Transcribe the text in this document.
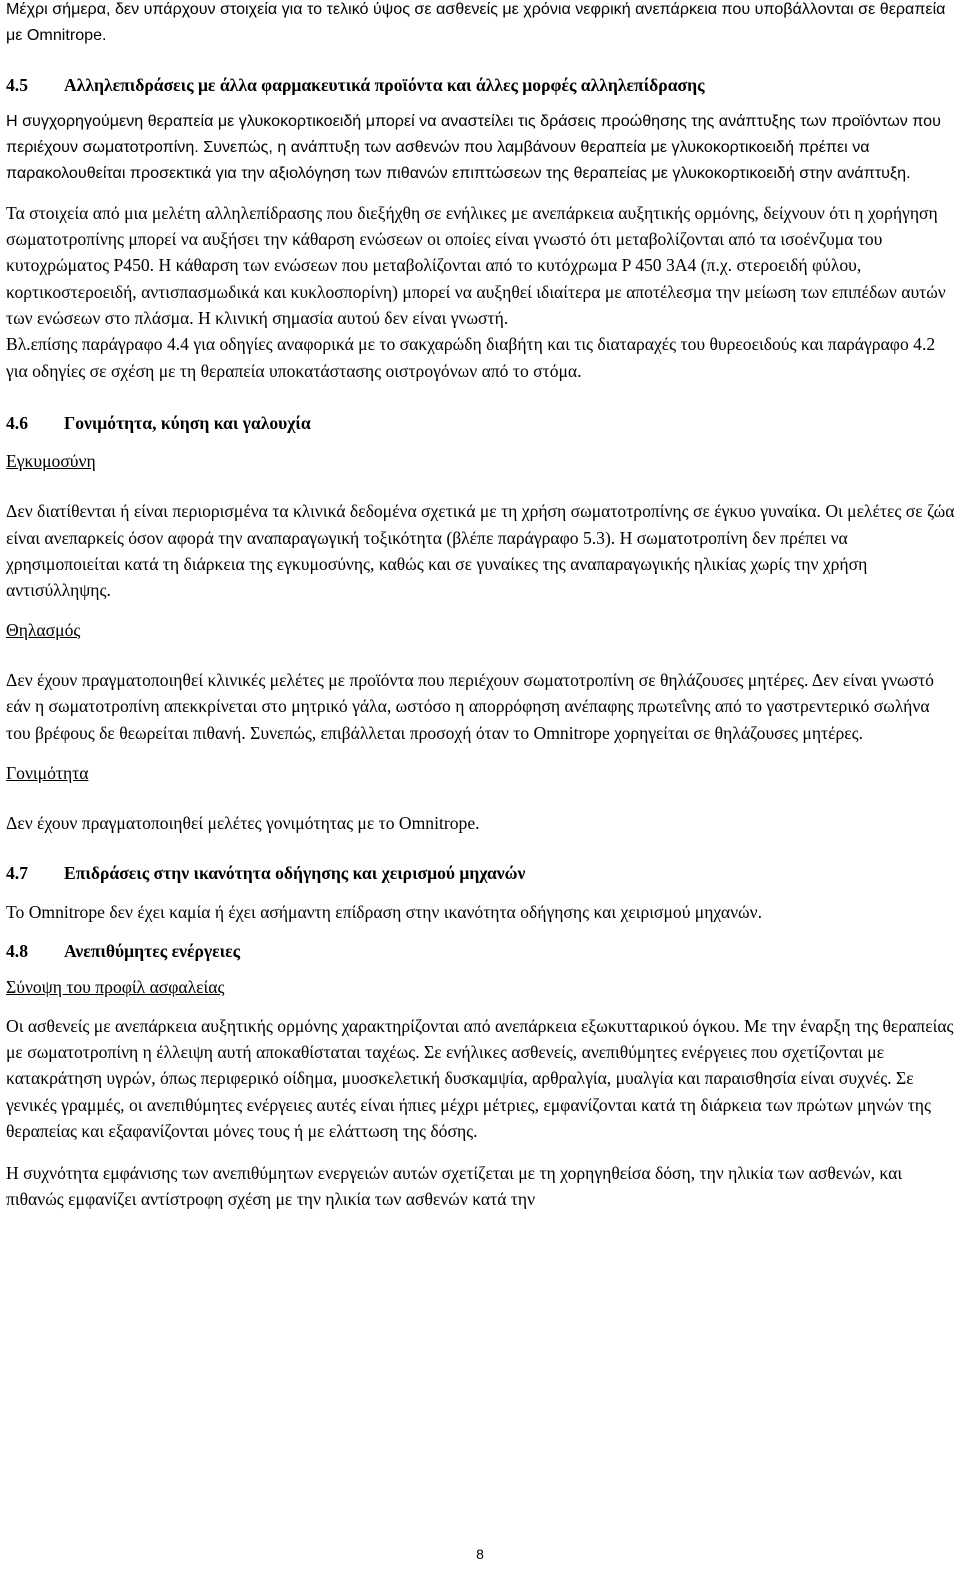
Μέχρι σήμερα, δεν υπάρχουν στοιχεία για το τελικό ύψος σε ασθενείς με χρόνια νεφρική ανεπάρκεια που υποβάλλονται σε θεραπεία με Omnitrope.

4.5 Αλληλεπιδράσεις με άλλα φαρμακευτικά προϊόντα και άλλες μορφές αλληλεπίδρασης

Η συγχορηγούμενη θεραπεία με γλυκοκορτικοειδή μπορεί να αναστείλει τις δράσεις προώθησης της ανάπτυξης των προϊόντων που περιέχουν σωματοτροπίνη. Συνεπώς, η ανάπτυξη των ασθενών που λαμβάνουν θεραπεία με γλυκοκορτικοειδή πρέπει να παρακολουθείται προσεκτικά για την αξιολόγηση των πιθανών επιπτώσεων της θεραπείας με γλυκοκορτικοειδή στην ανάπτυξη.

Τα στοιχεία από μια μελέτη αλληλεπίδρασης που διεξήχθη σε ενήλικες με ανεπάρκεια αυξητικής ορμόνης, δείχνουν ότι η χορήγηση σωματοτροπίνης μπορεί να αυξήσει την κάθαρση ενώσεων οι οποίες είναι γνωστό ότι μεταβολίζονται από τα ισοένζυμα του κυτοχρώματος P450. Η κάθαρση των ενώσεων που μεταβολίζονται από το κυτόχρωμα P 450 3A4 (π.χ. στεροειδή φύλου, κορτικοστεροειδή, αντισπασμωδικά και κυκλοσπορίνη) μπορεί να αυξηθεί ιδιαίτερα με αποτέλεσμα την μείωση των επιπέδων αυτών των ενώσεων στο πλάσμα. Η κλινική σημασία αυτού δεν είναι γνωστή.

Βλ.επίσης παράγραφο 4.4 για οδηγίες αναφορικά με το σακχαρώδη διαβήτη και τις διαταραχές του θυρεοειδούς και παράγραφο 4.2 για οδηγίες σε σχέση με τη θεραπεία υποκατάστασης οιστρογόνων από το στόμα.

4.6 Γονιμότητα, κύηση και γαλουχία

Εγκυμοσύνη

Δεν διατίθενται ή είναι περιορισμένα τα κλινικά δεδομένα σχετικά με τη χρήση σωματοτροπίνης σε έγκυο γυναίκα. Οι μελέτες σε ζώα είναι ανεπαρκείς όσον αφορά την αναπαραγωγική τοξικότητα (βλέπε παράγραφο 5.3). Η σωματοτροπίνη δεν πρέπει να χρησιμοποιείται κατά τη διάρκεια της εγκυμοσύνης, καθώς και σε γυναίκες της αναπαραγωγικής ηλικίας χωρίς την χρήση αντισύλληψης.

Θηλασμός

Δεν έχουν πραγματοποιηθεί κλινικές μελέτες με προϊόντα που περιέχουν σωματοτροπίνη σε θηλάζουσες μητέρες. Δεν είναι γνωστό εάν η σωματοτροπίνη απεκκρίνεται στο μητρικό γάλα, ωστόσο η απορρόφηση ανέπαφης πρωτεΐνης από το γαστρεντερικό σωλήνα του βρέφους δε θεωρείται πιθανή. Συνεπώς, επιβάλλεται προσοχή όταν το Omnitrope χορηγείται σε θηλάζουσες μητέρες.

Γονιμότητα

Δεν έχουν πραγματοποιηθεί μελέτες γονιμότητας με το Omnitrope.

4.7 Επιδράσεις στην ικανότητα οδήγησης και χειρισμού μηχανών

Το Omnitrope δεν έχει καμία ή έχει ασήμαντη επίδραση στην ικανότητα οδήγησης και χειρισμού μηχανών.

4.8 Ανεπιθύμητες ενέργειες

Σύνοψη του προφίλ ασφαλείας

Οι ασθενείς με ανεπάρκεια αυξητικής ορμόνης χαρακτηρίζονται από ανεπάρκεια εξωκυτταρικού όγκου. Με την έναρξη της θεραπείας με σωματοτροπίνη η έλλειψη αυτή αποκαθίσταται ταχέως. Σε ενήλικες ασθενείς, ανεπιθύμητες ενέργειες που σχετίζονται με κατακράτηση υγρών, όπως περιφερικό οίδημα, μυοσκελετική δυσκαμψία, αρθραλγία, μυαλγία και παραισθησία είναι συχνές. Σε γενικές γραμμές, οι ανεπιθύμητες ενέργειες αυτές είναι ήπιες μέχρι μέτριες, εμφανίζονται κατά τη διάρκεια των πρώτων μηνών της θεραπείας και εξαφανίζονται μόνες τους ή με ελάττωση της δόσης.

Η συχνότητα εμφάνισης των ανεπιθύμητων ενεργειών αυτών σχετίζεται με τη χορηγηθείσα δόση, την ηλικία των ασθενών, και πιθανώς εμφανίζει αντίστροφη σχέση με την ηλικία των ασθενών κατά την

8
